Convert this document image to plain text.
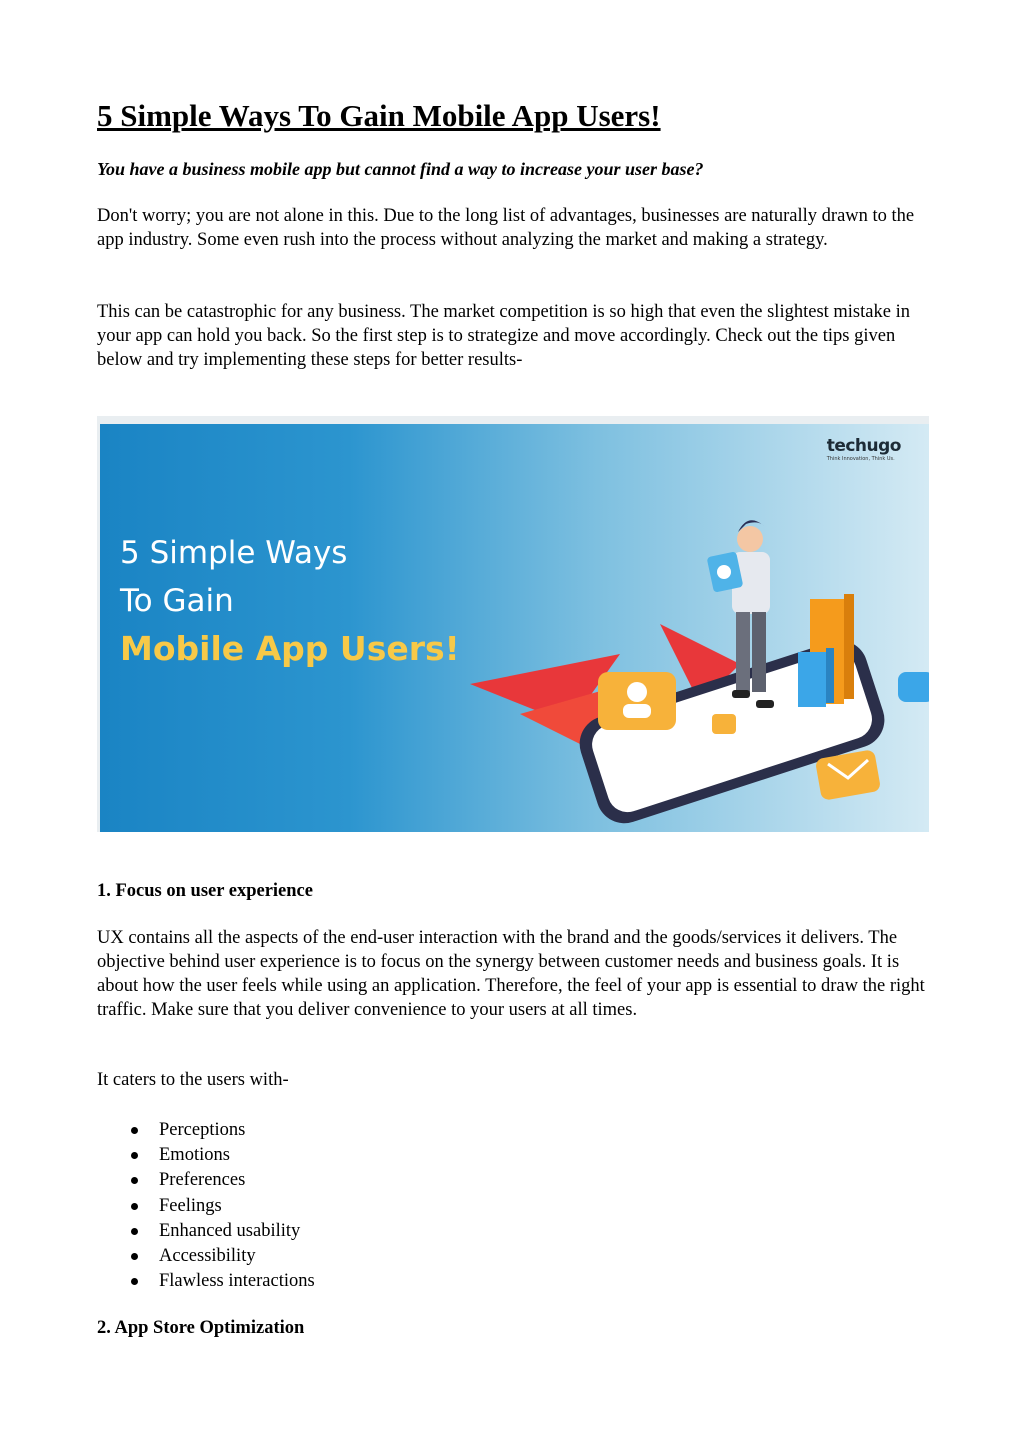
5 Simple Ways To Gain Mobile App Users!

You have a business mobile app but cannot find a way to increase your user base?

Don't worry; you are not alone in this. Due to the long list of advantages, businesses are naturally drawn to the app industry. Some even rush into the process without analyzing the market and making a strategy.

This can be catastrophic for any business. The market competition is so high that even the slightest mistake in your app can hold you back. So the first step is to strategize and move accordingly. Check out the tips given below and try implementing these steps for better results-

1. Focus on user experience

UX contains all the aspects of the end-user interaction with the brand and the goods/services it delivers. The objective behind user experience is to focus on the synergy between customer needs and business goals. It is about how the user feels while using an application. Therefore, the feel of your app is essential to draw the right traffic. Make sure that you deliver convenience to your users at all times.

It caters to the users with-

Perceptions
Emotions
Preferences
Feelings
Enhanced usability
Accessibility
Flawless interactions
2. App Store Optimization
5 Simple Ways
To Gain
Mobile App Users!
techugo
Think Innovation, Think Us.
